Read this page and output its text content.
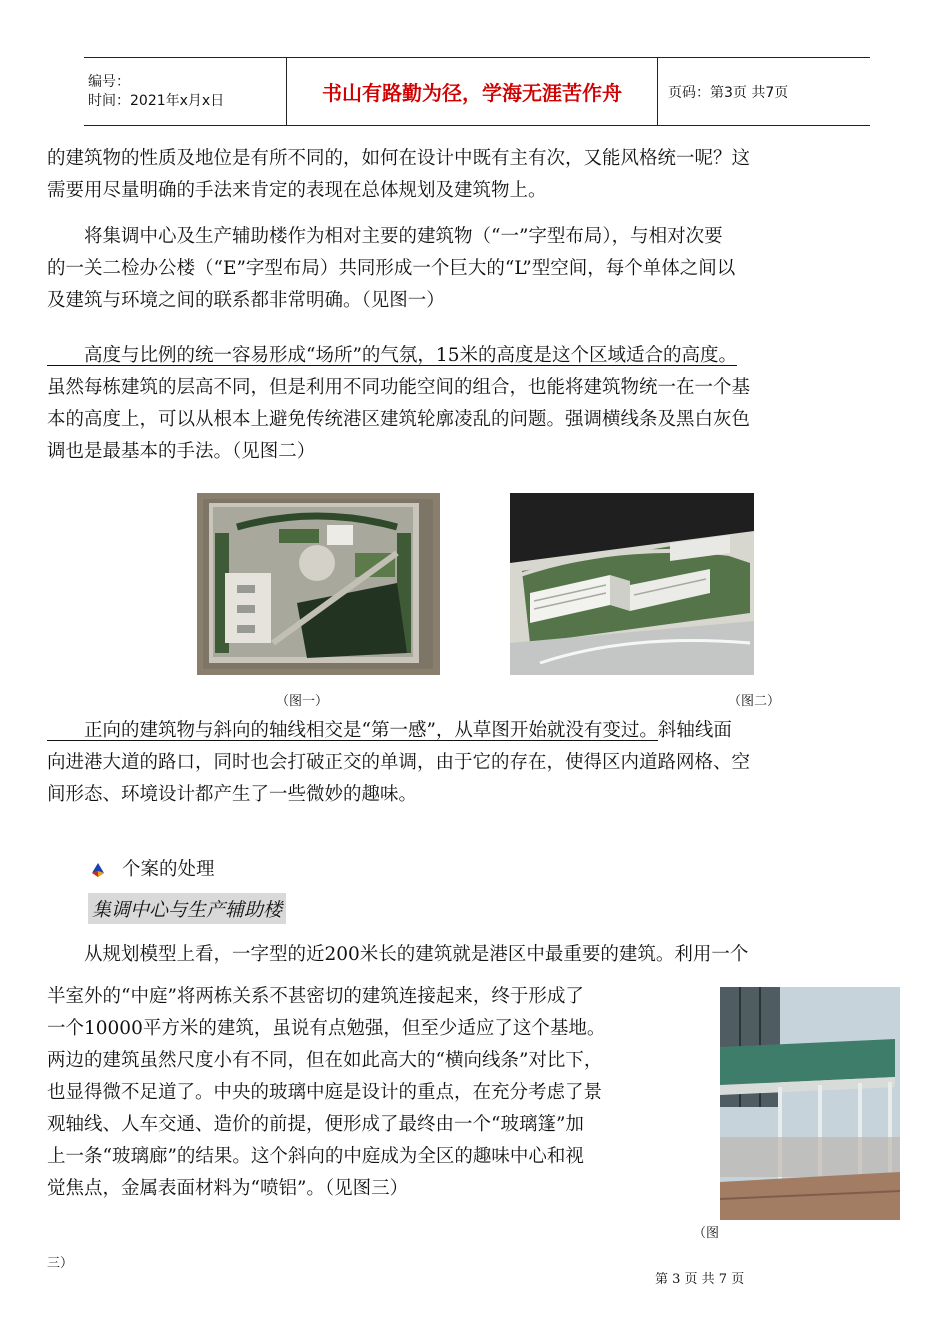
编号：
时间：2021年x月x日	书山有路勤为径，学海无涯苦作舟	页码：第3页 共7页
的建筑物的性质及地位是有所不同的，如何在设计中既有主有次，又能风格统一呢？这
需要用尽量明确的手法来肯定的表现在总体规划及建筑物上。
　　将集调中心及生产辅助楼作为相对主要的建筑物（“一”字型布局），与相对次要
的一关二检办公楼（“E”字型布局）共同形成一个巨大的“L”型空间，每个单体之间以
及建筑与环境之间的联系都非常明确。（见图一）
　　高度与比例的统一容易形成“场所”的气氛，15米的高度是这个区域适合的高度。
虽然每栋建筑的层高不同，但是利用不同功能空间的组合，也能将建筑物统一在一个基
本的高度上，可以从根本上避免传统港区建筑轮廓凌乱的问题。强调横线条及黑白灰色
调也是最基本的手法。（见图二）
（图一）	（图二）
　　正向的建筑物与斜向的轴线相交是“第一感”，从草图开始就没有变过。斜轴线面
向进港大道的路口，同时也会打破正交的单调，由于它的存在，使得区内道路网格、空
间形态、环境设计都产生了一些微妙的趣味。
个案的处理
集调中心与生产辅助楼
　　从规划模型上看，一字型的近200米长的建筑就是港区中最重要的建筑。利用一个
半室外的“中庭”将两栋关系不甚密切的建筑连接起来，终于形成了
一个10000平方米的建筑，虽说有点勉强，但至少适应了这个基地。
两边的建筑虽然尺度小有不同，但在如此高大的“横向线条”对比下，
也显得微不足道了。中央的玻璃中庭是设计的重点，在充分考虑了景
观轴线、人车交通、造价的前提，便形成了最终由一个“玻璃篷”加
上一条“玻璃廊”的结果。这个斜向的中庭成为全区的趣味中心和视
觉焦点，金属表面材料为“喷铝”。（见图三）
（图
三）
第 3 页 共 7 页
